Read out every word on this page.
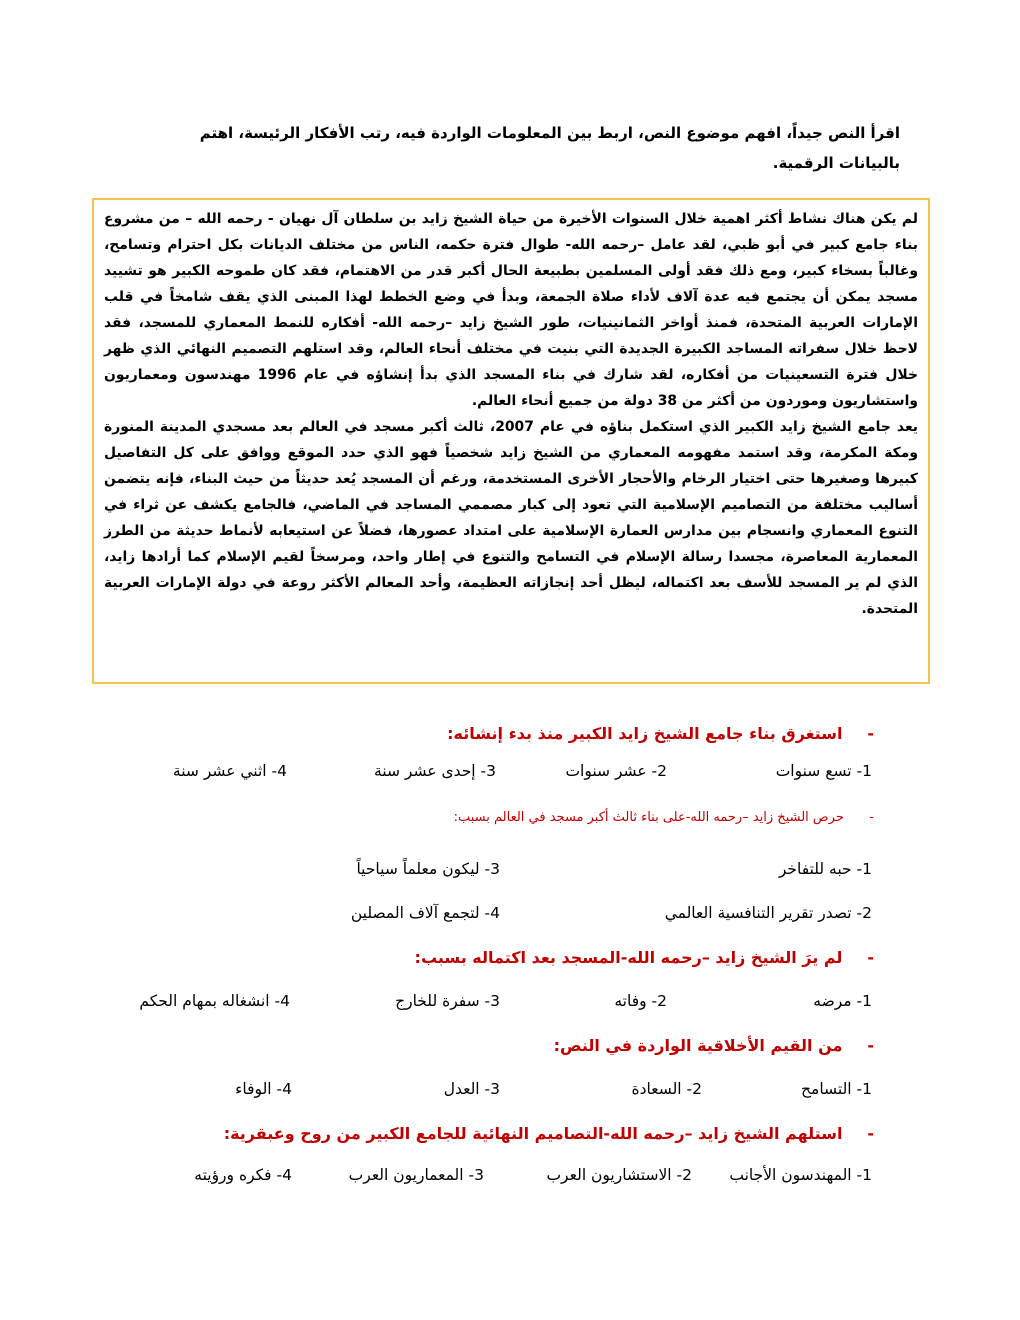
اقرأ النص جيداً، افهم موضوع النص، اربط بين المعلومات الواردة فيه، رتب الأفكار الرئيسة، اهتم بالبيانات الرقمية.

لم يكن هناك نشاط أكثر اهمية خلال السنوات الأخيرة من حياة الشيخ زايد بن سلطان آل نهيان - رحمه الله – من مشروع بناء جامع كبير في أبو ظبي، لقد عامل –رحمه الله- طوال فترة حكمه، الناس من مختلف الديانات بكل احترام وتسامح، وغالباً بسخاء كبير، ومع ذلك فقد أولى المسلمين بطبيعة الحال أكبر قدر من الاهتمام، فقد كان طموحه الكبير هو تشييد مسجد يمكن أن يجتمع فيه عدة آلاف لأداء صلاة الجمعة، وبدأ في وضع الخطط لهذا المبنى الذي يقف شامخاً في قلب الإمارات العربية المتحدة، فمنذ أواخر الثمانينيات، طور الشيخ زايد –رحمه الله- أفكاره للنمط المعماري للمسجد، فقد لاحظ خلال سفراته المساجد الكبيرة الجديدة التي بنيت في مختلف أنحاء العالم، وقد استلهم التصميم النهائي الذي ظهر خلال فترة التسعينيات من أفكاره، لقد شارك في بناء المسجد الذي بدأ إنشاؤه في عام 1996 مهندسون ومعماريون واستشاريون وموردون من أكثر من 38 دولة من جميع أنحاء العالم.

يعد جامع الشيخ زايد الكبير الذي استكمل بناؤه في عام 2007، ثالث أكبر مسجد في العالم بعد مسجدي المدينة المنورة ومكة المكرمة، وقد استمد مفهومه المعماري من الشيخ زايد شخصياً فهو الذي حدد الموقع ووافق على كل التفاصيل كبيرها وصغيرها حتى اختيار الرخام والأحجار الأخرى المستخدمة، ورغم أن المسجد يُعد حديثاً من حيث البناء، فإنه يتضمن أساليب مختلفة من التصاميم الإسلامية التي تعود إلى كبار مصممي المساجد في الماضي، فالجامع يكشف عن ثراء في التنوع المعماري وانسجام بين مدارس العمارة الإسلامية على امتداد عصورها، فضلاً عن استيعابه لأنماط حديثة من الطرز المعمارية المعاصرة، مجسدا رسالة الإسلام في التسامح والتنوع في إطار واحد، ومرسخاً لقيم الإسلام كما أرادها زايد، الذي لم ير المسجد للأسف بعد اكتماله، ليظل أحد إنجازاته العظيمة، وأحد المعالم الأكثر روعة في دولة الإمارات العربية المتحدة.

- استغرق بناء جامع الشيخ زايد الكبير منذ بدء إنشائه:
1- تسع سنوات
2- عشر سنوات
3- إحدى عشر سنة
4- اثني عشر سنة
- حرص الشيخ زايد –رحمه الله-على بناء ثالث أكبر مسجد في العالم بسبب:
1- حبه للتفاخر
3- ليكون معلماً سياحياً
2- تصدر تقرير التنافسية العالمي
4- لتجمع آلاف المصلين
- لم يرَ الشيخ زايد –رحمه الله-المسجد بعد اكتماله بسبب:
1- مرضه
2- وفاته
3- سفرة للخارج
4- انشغاله بمهام الحكم
- من القيم الأخلاقية الواردة في النص:
1- التسامح
2- السعادة
3- العدل
4- الوفاء
- استلهم الشيخ زايد –رحمه الله-التصاميم النهائية للجامع الكبير من روح وعبقرية:
1- المهندسون الأجانب
2- الاستشاريون العرب
3- المعماريون العرب
4- فكره ورؤيته
